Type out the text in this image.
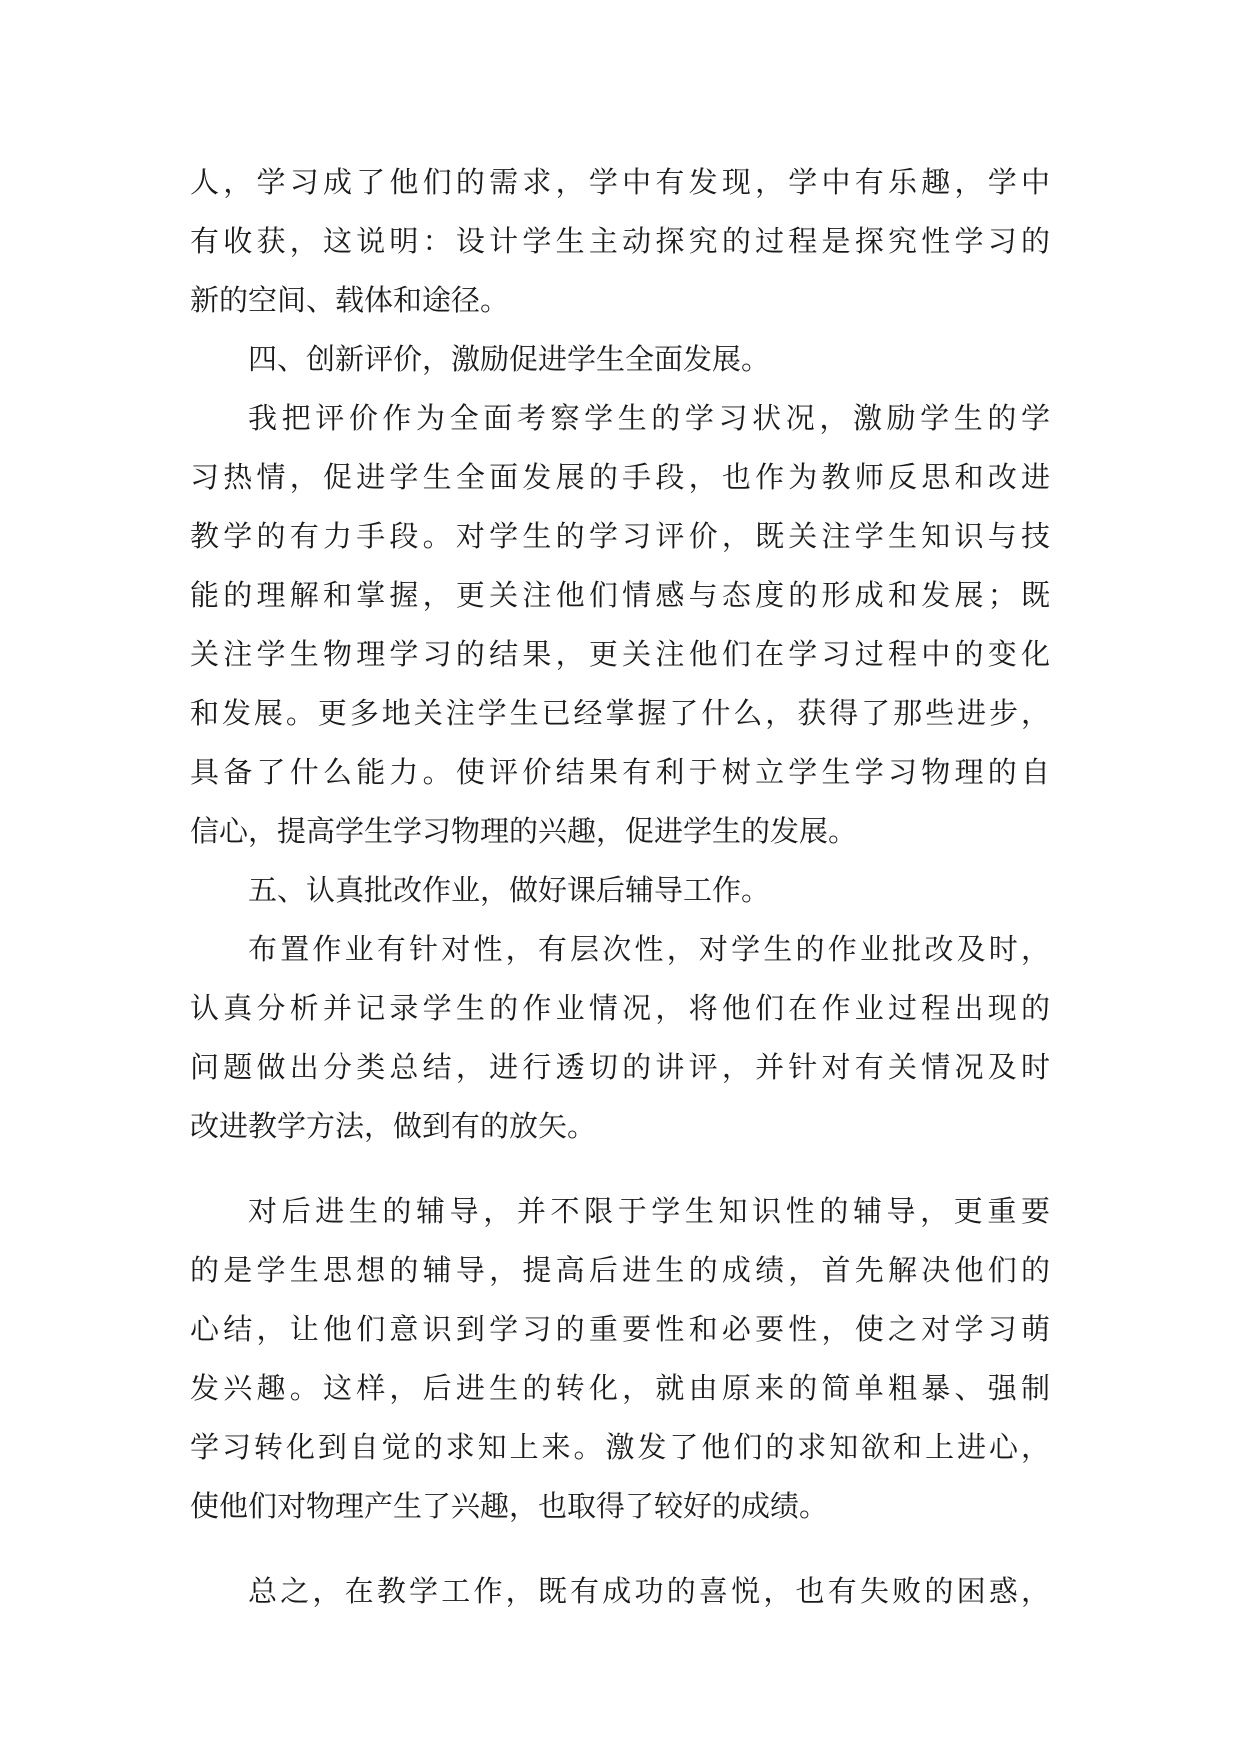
人，学习成了他们的需求，学中有发现，学中有乐趣，学中
有收获，这说明：设计学生主动探究的过程是探究性学习的
新的空间、载体和途径。
四、创新评价，激励促进学生全面发展。
我把评价作为全面考察学生的学习状况，激励学生的学
习热情，促进学生全面发展的手段，也作为教师反思和改进
教学的有力手段。对学生的学习评价，既关注学生知识与技
能的理解和掌握，更关注他们情感与态度的形成和发展；既
关注学生物理学习的结果，更关注他们在学习过程中的变化
和发展。更多地关注学生已经掌握了什么，获得了那些进步，
具备了什么能力。使评价结果有利于树立学生学习物理的自
信心，提高学生学习物理的兴趣，促进学生的发展。
五、认真批改作业，做好课后辅导工作。
布置作业有针对性，有层次性，对学生的作业批改及时，
认真分析并记录学生的作业情况，将他们在作业过程出现的
问题做出分类总结，进行透切的讲评，并针对有关情况及时
改进教学方法，做到有的放矢。
对后进生的辅导，并不限于学生知识性的辅导，更重要
的是学生思想的辅导，提高后进生的成绩，首先解决他们的
心结，让他们意识到学习的重要性和必要性，使之对学习萌
发兴趣。这样，后进生的转化，就由原来的简单粗暴、强制
学习转化到自觉的求知上来。激发了他们的求知欲和上进心，
使他们对物理产生了兴趣，也取得了较好的成绩。
总之，在教学工作，既有成功的喜悦，也有失败的困惑，
